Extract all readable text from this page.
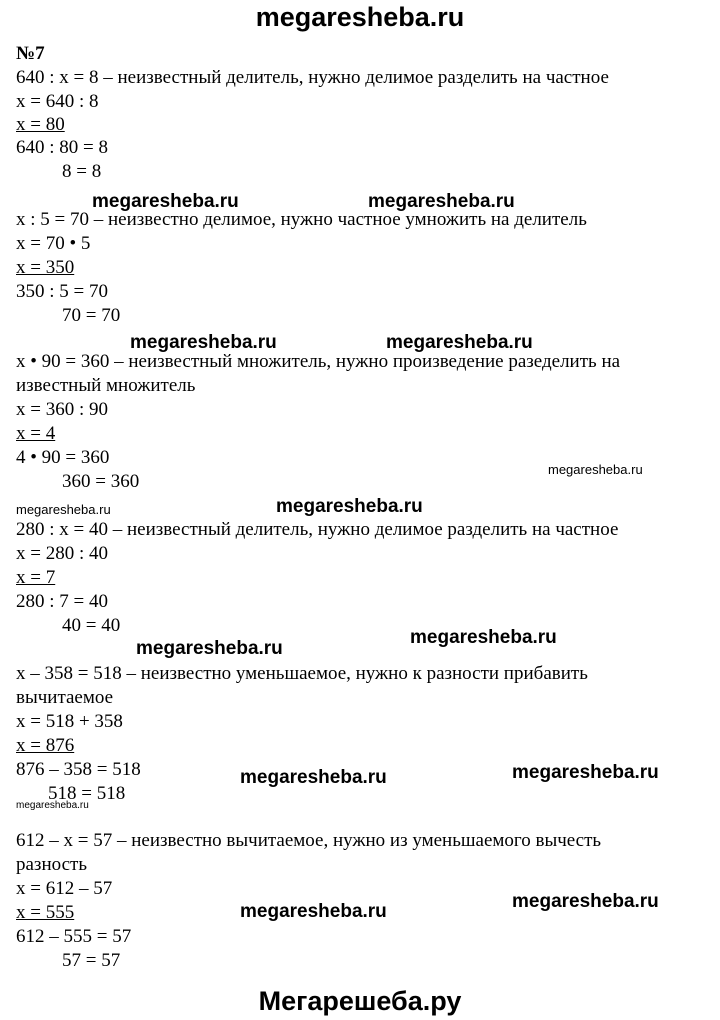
megaresheba.ru
№7
640 : x = 8 – неизвестный делитель, нужно делимое разделить на частное
x = 640 : 8
x = 80
640 : 80 = 8
8 = 8
megaresheba.ru	megaresheba.ru
x : 5 = 70 – неизвестно делимое, нужно частное умножить на делитель
x = 70 • 5
x = 350
350 : 5 = 70
70 = 70
megaresheba.ru	megaresheba.ru
x • 90 = 360 – неизвестный множитель, нужно произведение разеделить на
известный множитель
x = 360 : 90
x = 4
4 • 90 = 360
360 = 360
megaresheba.ru
megaresheba.ru	megaresheba.ru
280 : x = 40 – неизвестный делитель, нужно делимое разделить на частное
x = 280 : 40
x = 7
280 : 7 = 40
40 = 40
megaresheba.ru
megaresheba.ru
x – 358 = 518 – неизвестно уменьшаемое, нужно к разности прибавить
вычитаемое
x = 518 + 358
x = 876
876 – 358 = 518
518 = 518
megaresheba.ru	megaresheba.ru
megaresheba.ru
612 – x = 57 – неизвестно вычитаемое, нужно из уменьшаемого вычесть
разность
x = 612 – 57
x = 555
612 – 555 = 57
57 = 57
megaresheba.ru	megaresheba.ru
Мегарешеба.ру
